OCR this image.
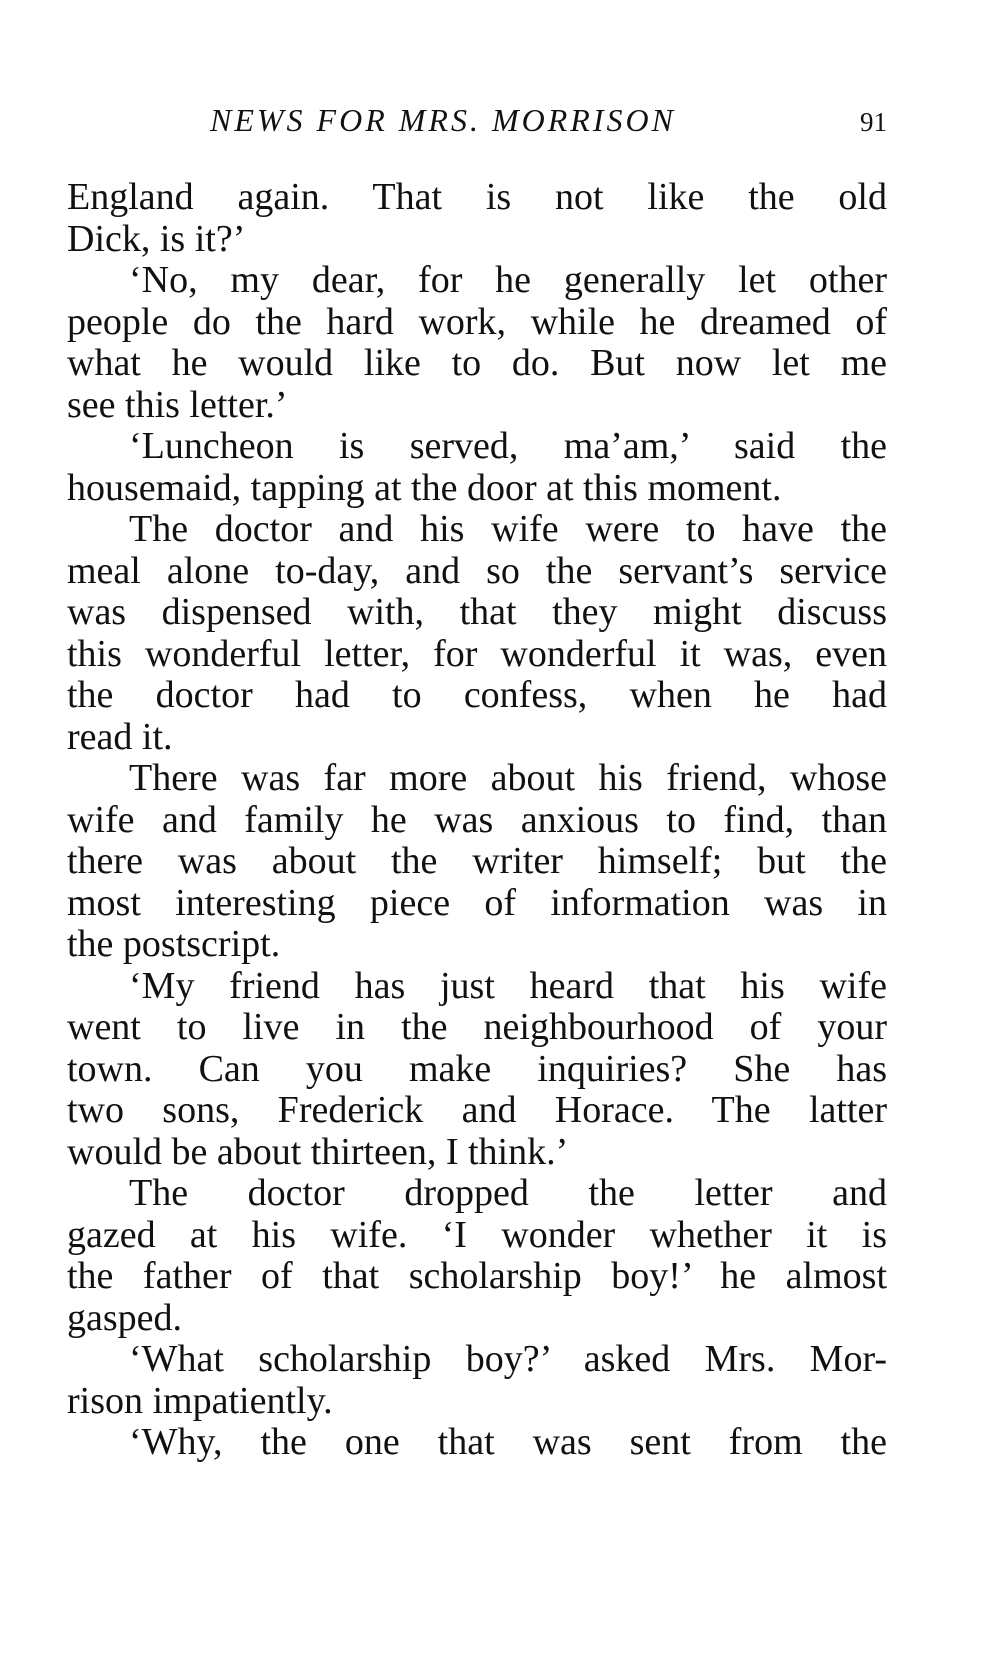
NEWS FOR MRS. MORRISON	91
England again. That is not like the old
Dick, is it?’
‘No, my dear, for he generally let other
people do the hard work, while he dreamed of
what he would like to do. But now let me
see this letter.’
‘Luncheon is served, ma’am,’ said the
housemaid, tapping at the door at this moment.
The doctor and his wife were to have the
meal alone to-day, and so the servant’s service
was dispensed with, that they might discuss
this wonderful letter, for wonderful it was, even
the doctor had to confess, when he had
read it.
There was far more about his friend, whose
wife and family he was anxious to find, than
there was about the writer himself; but the
most interesting piece of information was in
the postscript.
‘My friend has just heard that his wife
went to live in the neighbourhood of your
town. Can you make inquiries? She has
two sons, Frederick and Horace. The latter
would be about thirteen, I think.’
The doctor dropped the letter and
gazed at his wife. ‘I wonder whether it is
the father of that scholarship boy!’ he almost
gasped.
‘What scholarship boy?’ asked Mrs. Mor-
rison impatiently.
‘Why, the one that was sent from the
